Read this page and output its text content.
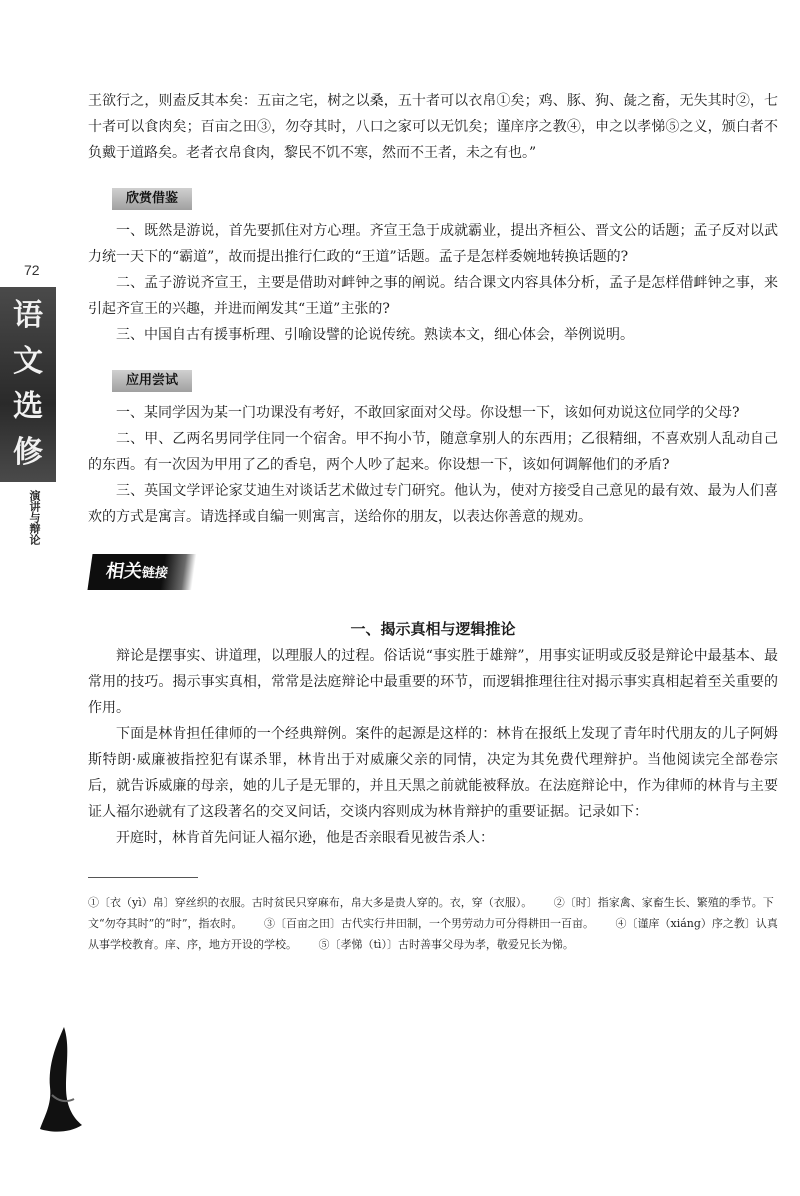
72
语
文
选
修
演讲与辩论

王欲行之，则盍反其本矣：五亩之宅，树之以桑，五十者可以衣帛①矣；鸡、豚、狗、彘之畜，无失其时②，七十者可以食肉矣；百亩之田③，勿夺其时，八口之家可以无饥矣；谨庠序之教④，申之以孝悌⑤之义，颁白者不负戴于道路矣。老者衣帛食肉，黎民不饥不寒，然而不王者，未之有也。”

欣赏借鉴

一、既然是游说，首先要抓住对方心理。齐宣王急于成就霸业，提出齐桓公、晋文公的话题；孟子反对以武力统一天下的“霸道”，故而提出推行仁政的“王道”话题。孟子是怎样委婉地转换话题的?

二、孟子游说齐宣王，主要是借助对衅钟之事的阐说。结合课文内容具体分析，孟子是怎样借衅钟之事，来引起齐宣王的兴趣，并进而阐发其“王道”主张的?

三、中国自古有援事析理、引喻设譬的论说传统。熟读本文，细心体会，举例说明。

应用尝试

一、某同学因为某一门功课没有考好，不敢回家面对父母。你设想一下，该如何劝说这位同学的父母?

二、甲、乙两名男同学住同一个宿舍。甲不拘小节，随意拿别人的东西用；乙很精细，不喜欢别人乱动自己的东西。有一次因为甲用了乙的香皂，两个人吵了起来。你设想一下，该如何调解他们的矛盾?

三、英国文学评论家艾迪生对谈话艺术做过专门研究。他认为，使对方接受自己意见的最有效、最为人们喜欢的方式是寓言。请选择或自编一则寓言，送给你的朋友，以表达你善意的规劝。

相关链接
一、揭示真相与逻辑推论

辩论是摆事实、讲道理，以理服人的过程。俗话说“事实胜于雄辩”，用事实证明或反驳是辩论中最基本、最常用的技巧。揭示事实真相，常常是法庭辩论中最重要的环节，而逻辑推理往往对揭示事实真相起着至关重要的作用。

下面是林肯担任律师的一个经典辩例。案件的起源是这样的：林肯在报纸上发现了青年时代朋友的儿子阿姆斯特朗·威廉被指控犯有谋杀罪，林肯出于对威廉父亲的同情，决定为其免费代理辩护。当他阅读完全部卷宗后，就告诉威廉的母亲，她的儿子是无罪的，并且天黑之前就能被释放。在法庭辩论中，作为律师的林肯与主要证人福尔逊就有了这段著名的交叉问话，交谈内容则成为林肯辩护的重要证据。记录如下：

开庭时，林肯首先问证人福尔逊，他是否亲眼看见被告杀人：

①〔衣（yì）帛〕穿丝织的衣服。古时贫民只穿麻布，帛大多是贵人穿的。衣，穿（衣服）。 ②〔时〕指家禽、家畜生长、繁殖的季节。下文“勿夺其时”的“时”，指农时。 ③〔百亩之田〕古代实行井田制，一个男劳动力可分得耕田一百亩。 ④〔谨庠（xiáng）序之教〕认真从事学校教育。庠、序，地方开设的学校。 ⑤〔孝悌（tì）〕古时善事父母为孝，敬爱兄长为悌。
